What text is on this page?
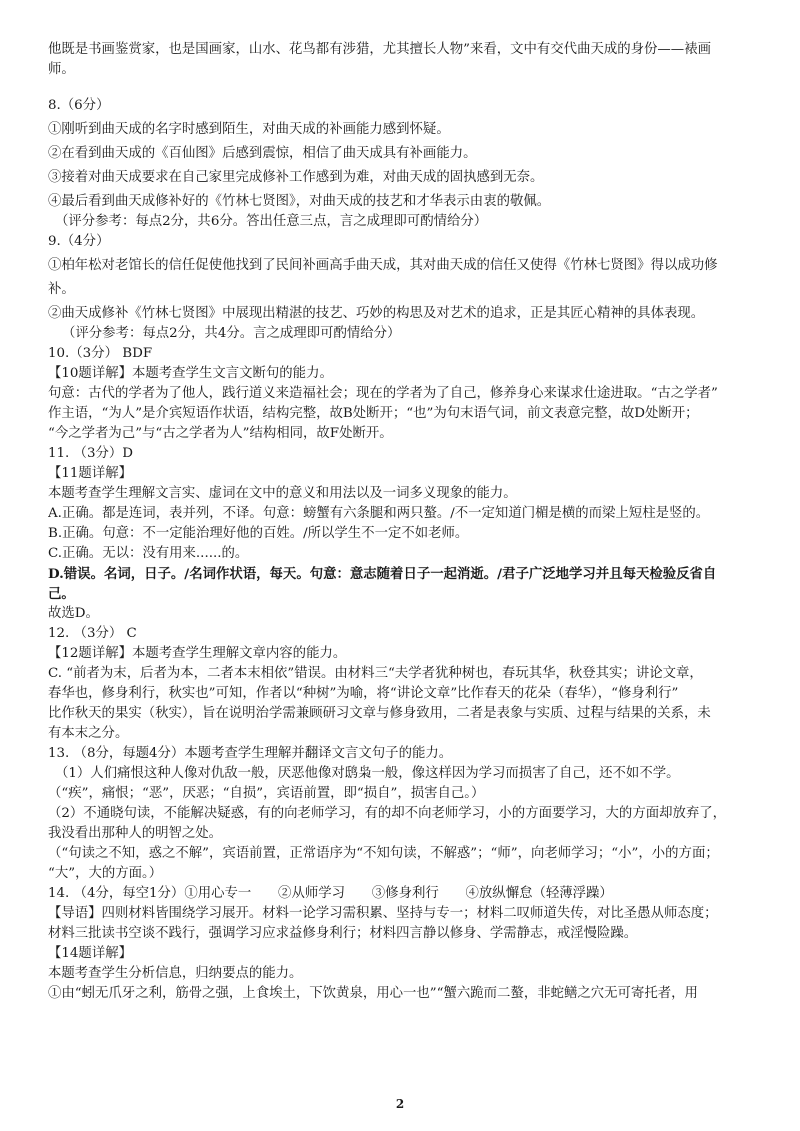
他既是书画鉴赏家，也是国画家，山水、花鸟都有涉猎，尤其擅长人物”来看，文中有交代曲天成的身份——裱画
师。
8.（6分）
①刚听到曲天成的名字时感到陌生，对曲天成的补画能力感到怀疑。
②在看到曲天成的《百仙图》后感到震惊，相信了曲天成具有补画能力。
③接着对曲天成要求在自己家里完成修补工作感到为难，对曲天成的固执感到无奈。
④最后看到曲天成修补好的《竹林七贤图》，对曲天成的技艺和才华表示由衷的敬佩。
（评分参考：每点2分，共6分。答出任意三点，言之成理即可酌情给分）
9.（4分）
①柏年松对老馆长的信任促使他找到了民间补画高手曲天成，其对曲天成的信任又使得《竹林七贤图》得以成功修
补。
②曲天成修补《竹林七贤图》中展现出精湛的技艺、巧妙的构思及对艺术的追求，正是其匠心精神的具体表现。
（评分参考：每点2分，共4分。言之成理即可酌情给分）
10.（3分） BDF
【10题详解】本题考查学生文言文断句的能力。
句意：古代的学者为了他人，践行道义来造福社会；现在的学者为了自己，修养身心来谋求仕途进取。“古之学者”
作主语，“为人”是介宾短语作状语，结构完整，故B处断开；“也”为句末语气词，前文表意完整，故D处断开；
“今之学者为己”与“古之学者为人”结构相同，故F处断开。
11. （3分）D
【11题详解】
本题考查学生理解文言实、虚词在文中的意义和用法以及一词多义现象的能力。
A.正确。都是连词，表并列，不译。句意：螃蟹有六条腿和两只螯。/不一定知道门楣是横的而梁上短柱是竖的。
B.正确。句意：不一定能治理好他的百姓。/所以学生不一定不如老师。
C.正确。无以：没有用来......的。
D.错误。名词，日子。/名词作状语，每天。句意：意志随着日子一起消逝。/君子广泛地学习并且每天检验反省自
己。
故选D。
12. （3分） C
【12题详解】本题考查学生理解文章内容的能力。
C. “前者为末，后者为本，二者本末相依”错误。由材料三“夫学者犹种树也，春玩其华，秋登其实；讲论文章，
春华也，修身利行，秋实也”可知，作者以“种树”为喻，将“讲论文章”比作春天的花朵（春华），“修身利行”
比作秋天的果实（秋实），旨在说明治学需兼顾研习文章与修身致用，二者是表象与实质、过程与结果的关系，未
有本末之分。
13. （8分，每题4分）本题考查学生理解并翻译文言文句子的能力。
（1）人们痛恨这种人像对仇敌一般，厌恶他像对鸱枭一般，像这样因为学习而损害了自己，还不如不学。
（“疾”，痛恨；“恶”，厌恶；“自损”，宾语前置，即“损自”，损害自己。）
（2）不通晓句读，不能解决疑惑，有的向老师学习，有的却不向老师学习，小的方面要学习，大的方面却放弃了，
我没看出那种人的明智之处。
（“句读之不知，惑之不解”，宾语前置，正常语序为“不知句读，不解惑”；“师”，向老师学习；“小”，小的方面；
“大”，大的方面。）
14. （4分，每空1分）①用心专一　　②从师学习　　③修身利行　　④放纵懈怠（轻薄浮躁）
【导语】四则材料皆围绕学习展开。材料一论学习需积累、坚持与专一；材料二叹师道失传，对比圣愚从师态度；
材料三批读书空谈不践行，强调学习应求益修身利行；材料四言静以修身、学需静志，戒淫慢险躁。
【14题详解】
本题考查学生分析信息，归纳要点的能力。
①由“蚓无爪牙之利，筋骨之强，上食埃土，下饮黄泉，用心一也”“蟹六跪而二螯，非蛇鳝之穴无可寄托者，用
2
